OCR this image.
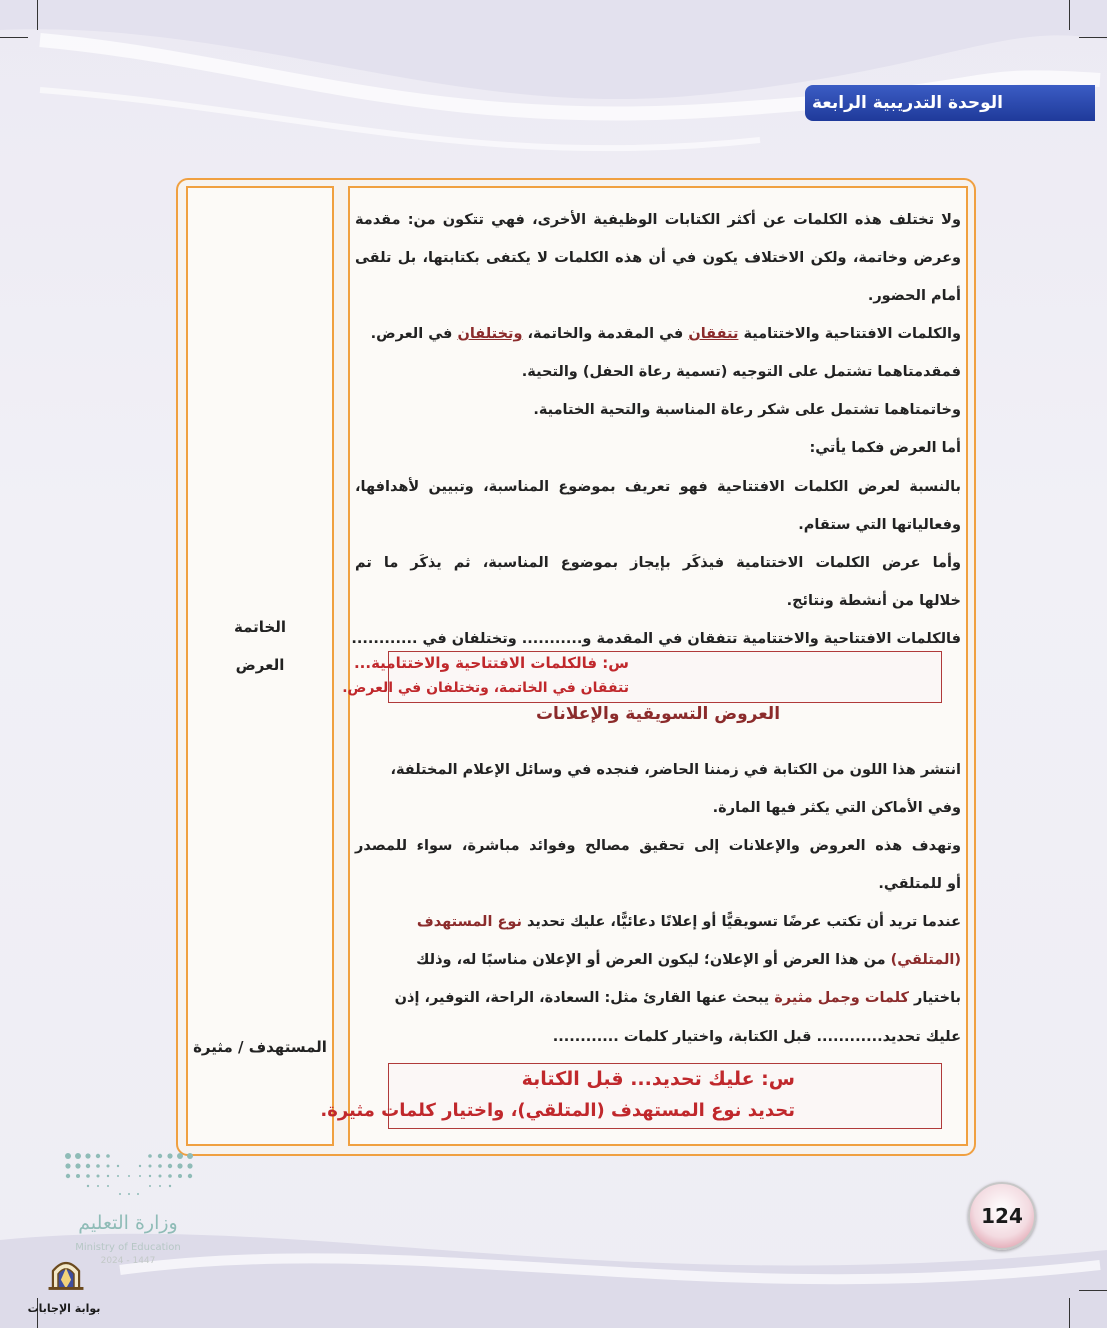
الوحدة التدريبية الرابعة
الخاتمة
العرض
المستهدف / مثيرة
ولا تختلف هذه الكلمات عن أكثر الكتابات الوظيفية الأخرى، فهي تتكون من: مقدمة
وعرض وخاتمة، ولكن الاختلاف يكون في أن هذه الكلمات لا يكتفى بكتابتها، بل تلقى
أمام الحضور.
والكلمات الافتتاحية والاختتامية تتفقان في المقدمة والخاتمة، وتختلفان في العرض.
فمقدمتاهما تشتمل على التوجيه (تسمية رعاة الحفل) والتحية.
وخاتمتاهما تشتمل على شكر رعاة المناسبة والتحية الختامية.
أما العرض فكما يأتي:
بالنسبة لعرض الكلمات الافتتاحية فهو تعريف بموضوع المناسبة، وتبيين لأهدافها،
وفعالياتها التي ستقام.
وأما عرض الكلمات الاختتامية فيذكَر بإيجاز بموضوع المناسبة، ثم يذكَر ما تم
خلالها من أنشطة ونتائج.
فالكلمات الافتتاحية والاختتامية تتفقان في المقدمة و........... وتختلفان في ............
س: فالكلمات الافتتاحية والاختتامية...
تتفقان في الخاتمة، وتختلفان في العرض.
العروض التسويقية والإعلانات
انتشر هذا اللون من الكتابة في زمننا الحاضر، فنجده في وسائل الإعلام المختلفة،
وفي الأماكن التي يكثر فيها المارة.
وتهدف هذه العروض والإعلانات إلى تحقيق مصالح وفوائد مباشرة، سواء للمصدر
أو للمتلقي.
عندما تريد أن تكتب عرضًا تسويقيًّا أو إعلانًا دعائيًّا، عليك تحديد نوع المستهدف
(المتلقي) من هذا العرض أو الإعلان؛ ليكون العرض أو الإعلان مناسبًا له، وذلك
باختيار كلمات وجمل مثيرة يبحث عنها القارئ مثل: السعادة، الراحة، التوفير، إذن
عليك تحديد............ قبل الكتابة، واختيار كلمات ............
س: عليك تحديد... قبل الكتابة
تحديد نوع المستهدف (المتلقي)، واختيار كلمات مثيرة.
وزارة التعليم
Ministry of Education
2024 - 1447
124
بوابة الإجابات
